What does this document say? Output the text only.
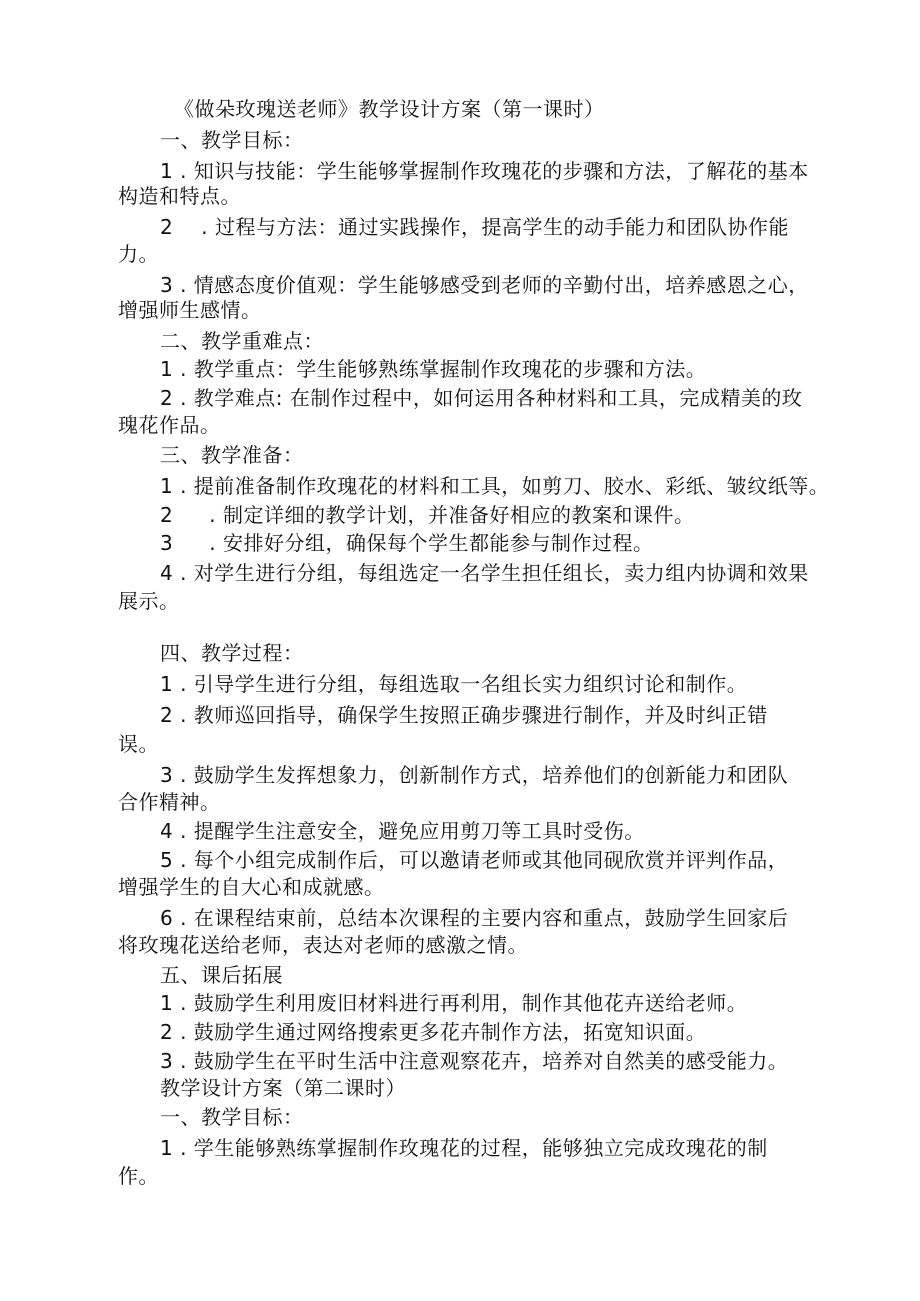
《做朵玫瑰送老师》教学设计方案（第一课时）

一、教学目标：

1 . 知识与技能：学生能够掌握制作玫瑰花的步骤和方法，了解花的基本

构造和特点。

2 . 过程与方法：通过实践操作，提高学生的动手能力和团队协作能

力。

3 . 情感态度价值观：学生能够感受到老师的辛勤付出，培养感恩之心，

增强师生感情。

二、教学重难点：

1 . 教学重点：学生能够熟练掌握制作玫瑰花的步骤和方法。

2 . 教学难点: 在制作过程中，如何运用各种材料和工具，完成精美的玫

瑰花作品。

三、教学准备：

1 . 提前准备制作玫瑰花的材料和工具，如剪刀、胶水、彩纸、皱纹纸等。

2 . 制定详细的教学计划，并准备好相应的教案和课件。

3 . 安排好分组，确保每个学生都能参与制作过程。

4 . 对学生进行分组，每组选定一名学生担任组长，卖力组内协调和效果

展示。

四、教学过程：

1 . 引导学生进行分组，每组选取一名组长实力组织讨论和制作。

2 . 教师巡回指导，确保学生按照正确步骤进行制作，并及时纠正错

误。

3 . 鼓励学生发挥想象力，创新制作方式，培养他们的创新能力和团队

合作精神。

4 . 提醒学生注意安全，避免应用剪刀等工具时受伤。

5 . 每个小组完成制作后，可以邀请老师或其他同砚欣赏并评判作品，

增强学生的自大心和成就感。

6 . 在课程结束前，总结本次课程的主要内容和重点，鼓励学生回家后

将玫瑰花送给老师，表达对老师的感激之情。

五、课后拓展

1 . 鼓励学生利用废旧材料进行再利用，制作其他花卉送给老师。

2 . 鼓励学生通过网络搜索更多花卉制作方法，拓宽知识面。

3 . 鼓励学生在平时生活中注意观察花卉，培养对自然美的感受能力。

教学设计方案（第二课时）

一、教学目标：

1 . 学生能够熟练掌握制作玫瑰花的过程，能够独立完成玫瑰花的制

作。
